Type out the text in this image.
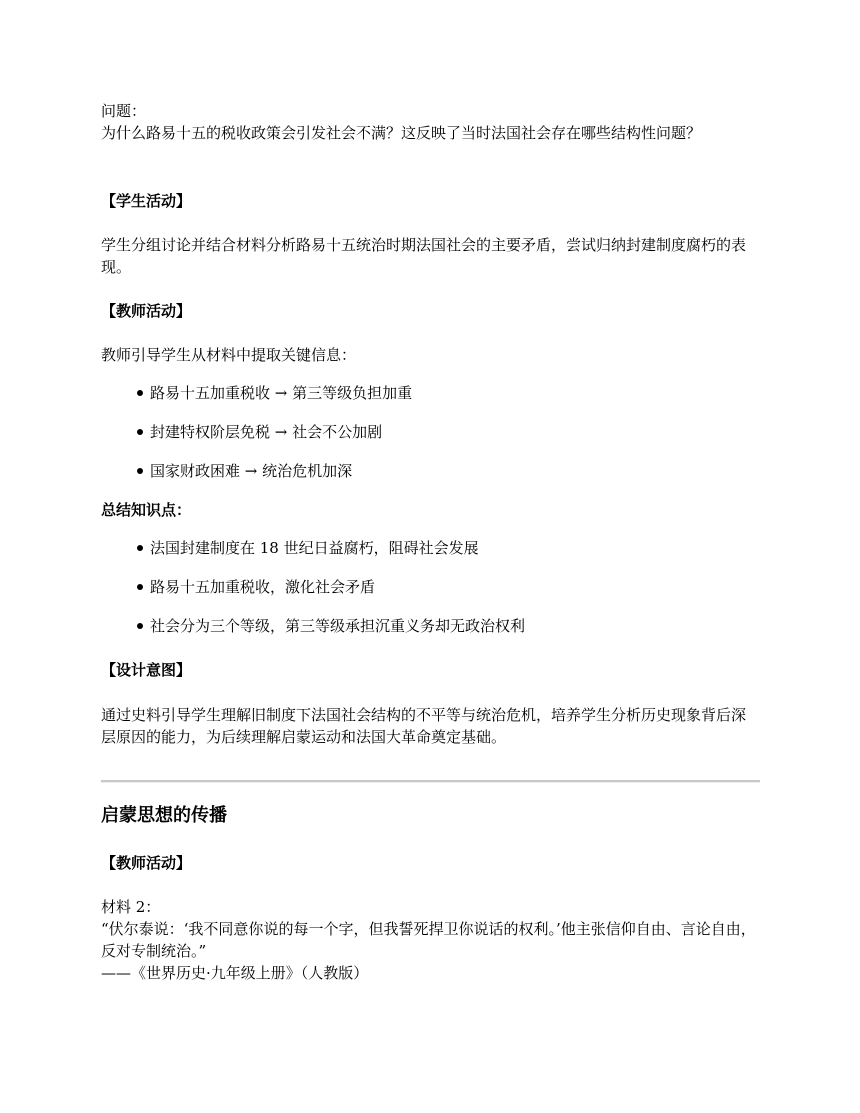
问题：

为什么路易十五的税收政策会引发社会不满？这反映了当时法国社会存在哪些结构性问题？

【学生活动】

学生分组讨论并结合材料分析路易十五统治时期法国社会的主要矛盾，尝试归纳封建制度腐朽的表现。

【教师活动】

教师引导学生从材料中提取关键信息：

路易十五加重税收 → 第三等级负担加重
封建特权阶层免税 → 社会不公加剧
国家财政困难 → 统治危机加深

总结知识点：

法国封建制度在 18 世纪日益腐朽，阻碍社会发展
路易十五加重税收，激化社会矛盾
社会分为三个等级，第三等级承担沉重义务却无政治权利

【设计意图】

通过史料引导学生理解旧制度下法国社会结构的不平等与统治危机，培养学生分析历史现象背后深层原因的能力，为后续理解启蒙运动和法国大革命奠定基础。

启蒙思想的传播

【教师活动】

材料 2：

“伏尔泰说：‘我不同意你说的每一个字，但我誓死捍卫你说话的权利。’他主张信仰自由、言论自由，反对专制统治。”

——《世界历史·九年级上册》（人教版）
